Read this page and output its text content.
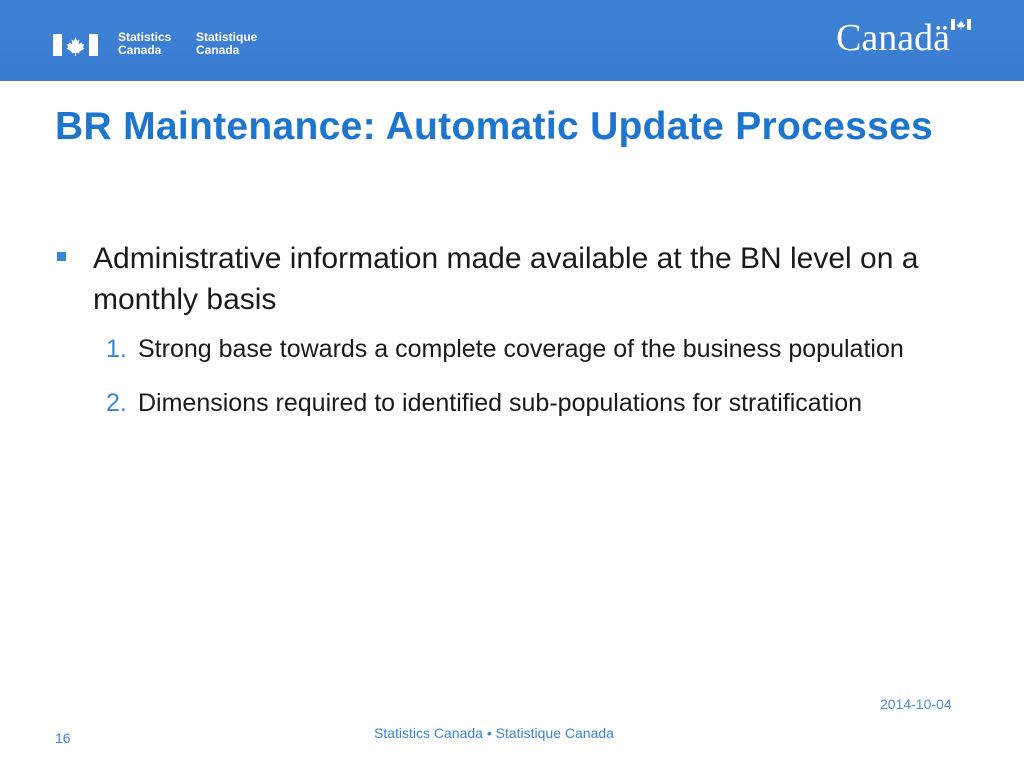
Statistics
Canada
Statistique
Canada	Canadä
BR Maintenance: Automatic Update Processes
Administrative information made available at the BN level on a monthly basis
1. Strong base towards a complete coverage of the business population
2. Dimensions required to identified sub-populations for stratification
16	Statistics Canada • Statistique Canada
2014-10-04
